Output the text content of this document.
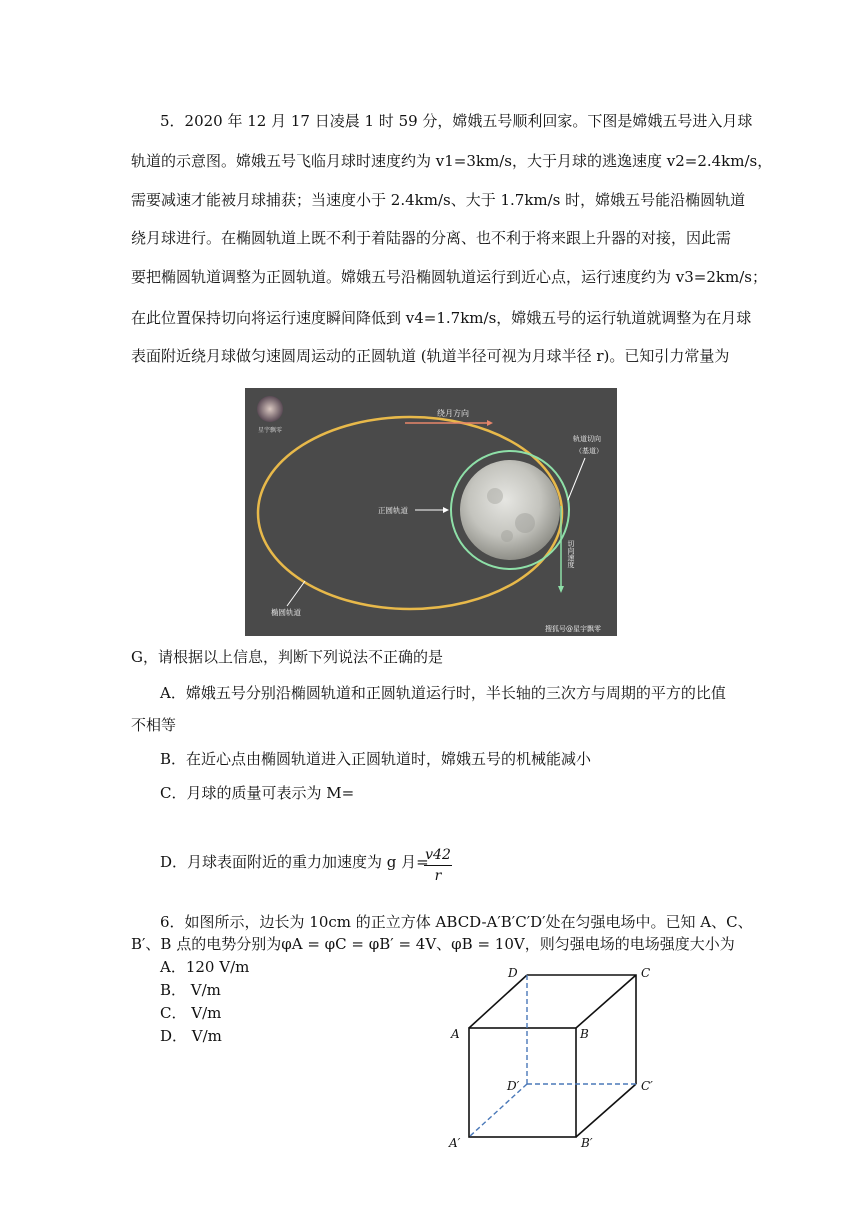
5．2020 年 12 月 17 日凌晨 1 时 59 分，嫦娥五号顺利回家。下图是嫦娥五号进入月球
轨道的示意图。嫦娥五号飞临月球时速度约为 v1=3km/s，大于月球的逃逸速度 v2=2.4km/s，
需要减速才能被月球捕获；当速度小于 2.4km/s、大于 1.7km/s 时，嫦娥五号能沿椭圆轨道
绕月球进行。在椭圆轨道上既不利于着陆器的分离、也不利于将来跟上升器的对接，因此需
要把椭圆轨道调整为正圆轨道。嫦娥五号沿椭圆轨道运行到近心点，运行速度约为 v3=2km/s；
在此位置保持切向将运行速度瞬间降低到 v4=1.7km/s，嫦娥五号的运行轨道就调整为在月球
表面附近绕月球做匀速圆周运动的正圆轨道 (轨道半径可视为月球半径 r)。已知引力常量为
星宇飘零
绕月方向
轨道切向
（基道）
切向速度
正圆轨道
椭圆轨道
搜狐号@星宇飘零
G，请根据以上信息，判断下列说法不正确的是
A．嫦娥五号分别沿椭圆轨道和正圆轨道运行时，半长轴的三次方与周期的平方的比值
不相等
B．在近心点由椭圆轨道进入正圆轨道时，嫦娥五号的机械能减小
C．月球的质量可表示为 M=
D．月球表面附近的重力加速度为 g 月=
v42
r
6．如图所示，边长为 10cm 的正立方体 ABCD-A′B′C′D′处在匀强电场中。已知 A、C、
B′、B 点的电势分别为φA = φC = φB′ = 4V、φB = 10V，则匀强电场的电场强度大小为
A．120 V/m
B． V/m
C． V/m
D． V/m
D	C
A	B
D′	C′
A′	B′
